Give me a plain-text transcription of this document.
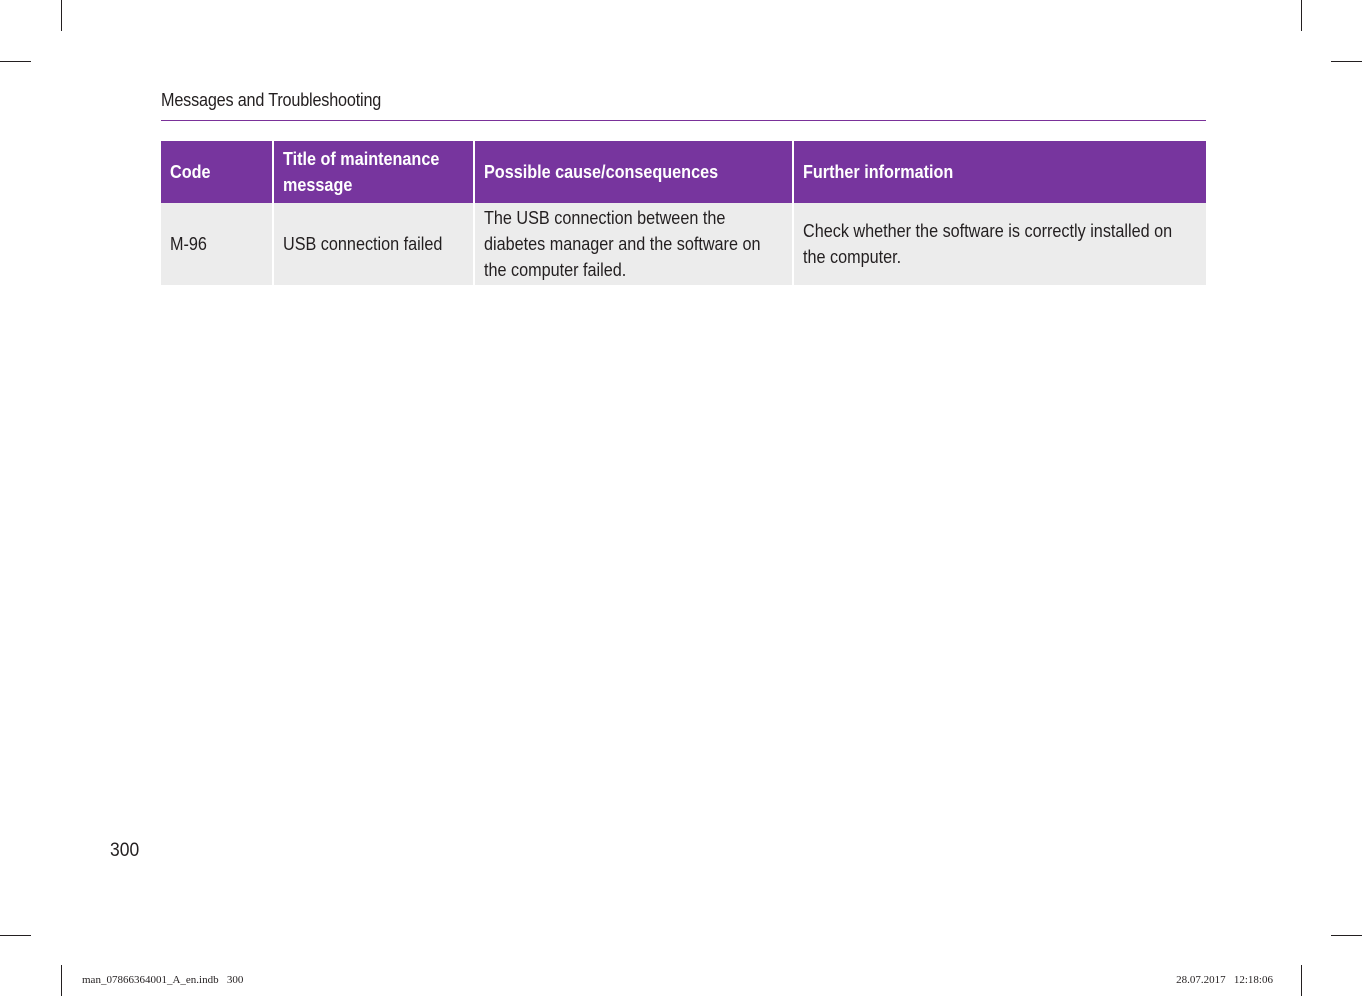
Messages and Troubleshooting
Code	Title of maintenance message	Possible cause/consequences	Further information

M-96	USB connection failed	The USB connection between the diabetes manager and the software on the computer failed.	Check whether the software is correctly installed on the computer.
300
man_07866364001_A_en.indb   300	28.07.2017   12:18:06
